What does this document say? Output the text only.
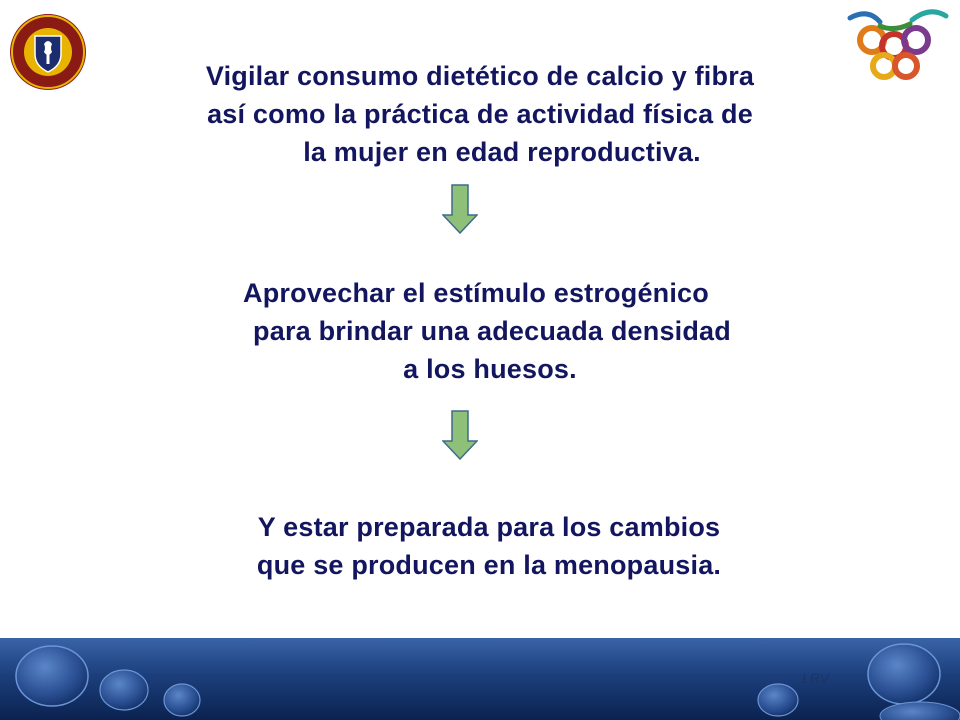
Vigilar consumo dietético de calcio y fibra
así como la práctica de actividad física de
la mujer en edad reproductiva.
Aprovechar el estímulo estrogénico
para brindar una adecuada densidad
a los huesos.
Y estar preparada para los cambios
que se producen en la menopausia.
LRV
